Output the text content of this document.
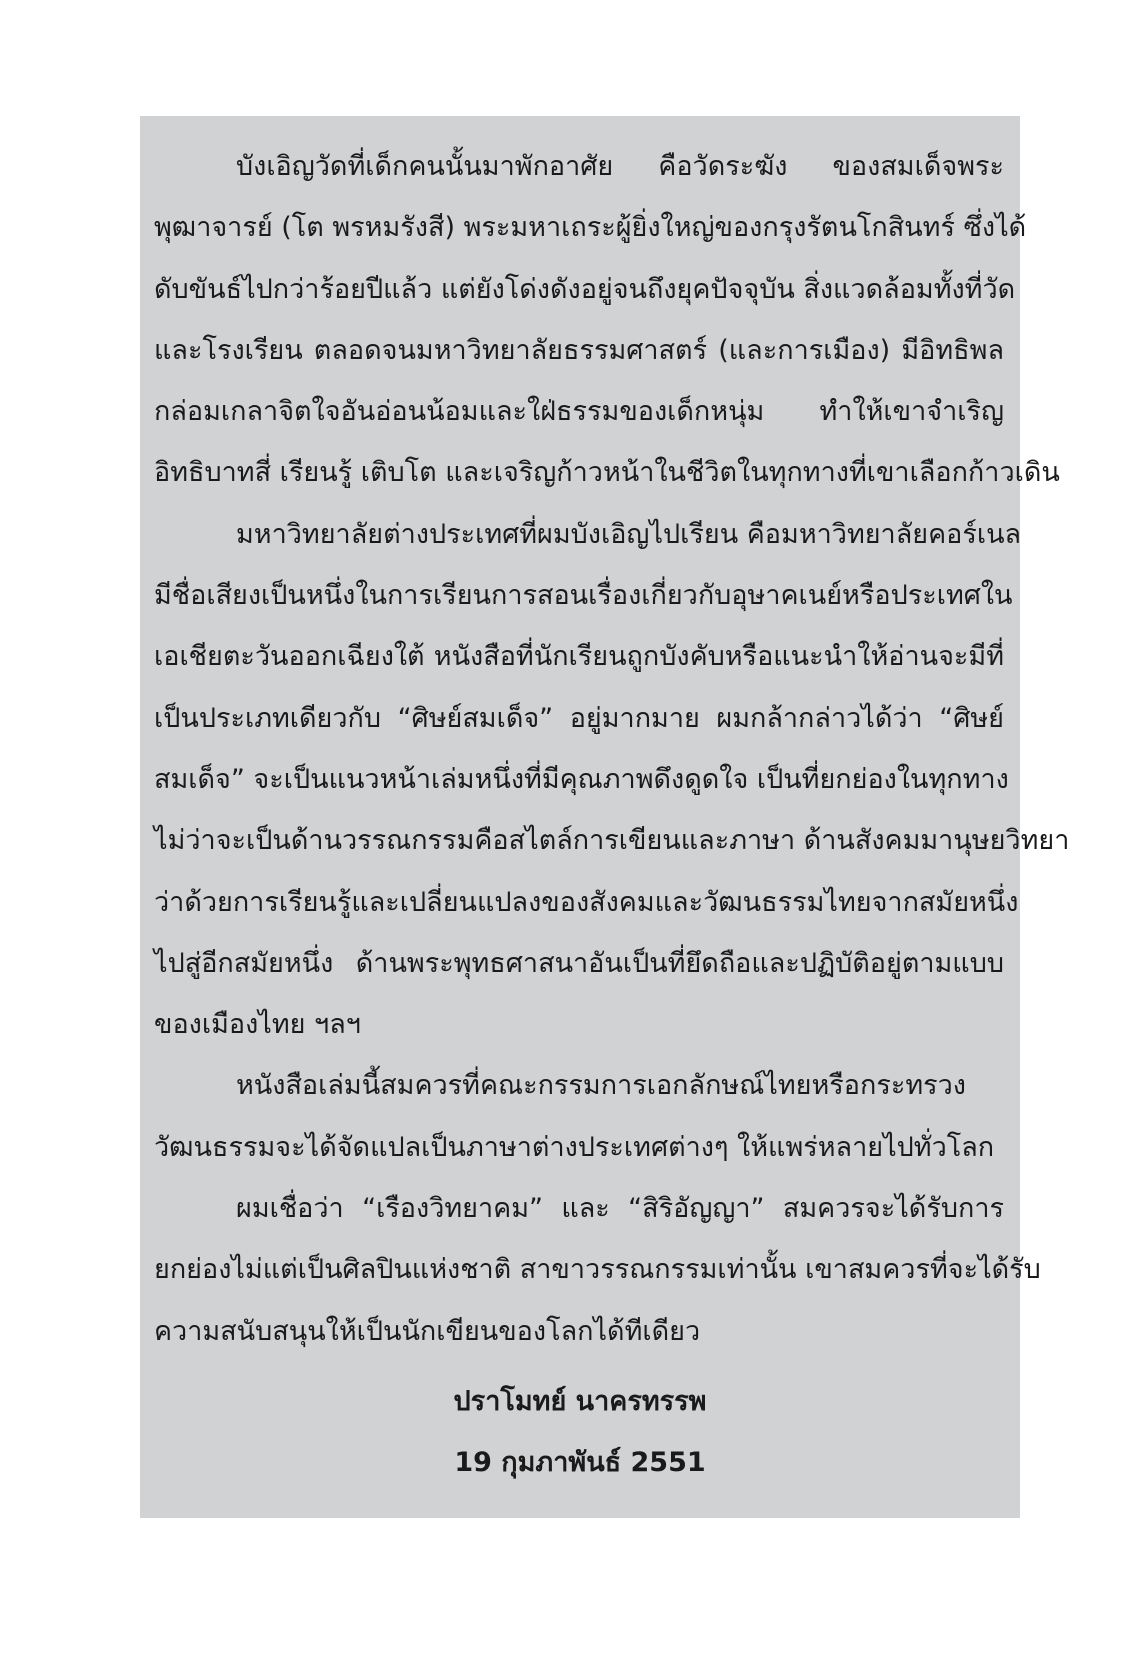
บังเอิญวัดที่เด็กคนนั้นมาพักอาศัย คือวัดระฆัง ของสมเด็จพระ
พุฒาจารย์ (โต พรหมรังสี) พระมหาเถระผู้ยิ่งใหญ่ของกรุงรัตนโกสินทร์ ซึ่งได้
ดับขันธ์ไปกว่าร้อยปีแล้ว แต่ยังโด่งดังอยู่จนถึงยุคปัจจุบัน สิ่งแวดล้อมทั้งที่วัด
และโรงเรียน ตลอดจนมหาวิทยาลัยธรรมศาสตร์ (และการเมือง) มีอิทธิพล
กล่อมเกลาจิตใจอันอ่อนน้อมและใฝ่ธรรมของเด็กหนุ่ม ทำให้เขาจำเริญ
อิทธิบาทสี่ เรียนรู้ เติบโต และเจริญก้าวหน้าในชีวิตในทุกทางที่เขาเลือกก้าวเดิน
มหาวิทยาลัยต่างประเทศที่ผมบังเอิญไปเรียน คือมหาวิทยาลัยคอร์เนล
มีชื่อเสียงเป็นหนึ่งในการเรียนการสอนเรื่องเกี่ยวกับอุษาคเนย์หรือประเทศใน
เอเชียตะวันออกเฉียงใต้ หนังสือที่นักเรียนถูกบังคับหรือแนะนำให้อ่านจะมีที่
เป็นประเภทเดียวกับ “ศิษย์สมเด็จ” อยู่มากมาย ผมกล้ากล่าวได้ว่า “ศิษย์
สมเด็จ” จะเป็นแนวหน้าเล่มหนึ่งที่มีคุณภาพดึงดูดใจ เป็นที่ยกย่องในทุกทาง
ไม่ว่าจะเป็นด้านวรรณกรรมคือสไตล์การเขียนและภาษา ด้านสังคมมานุษยวิทยา
ว่าด้วยการเรียนรู้และเปลี่ยนแปลงของสังคมและวัฒนธรรมไทยจากสมัยหนึ่ง
ไปสู่อีกสมัยหนึ่ง ด้านพระพุทธศาสนาอันเป็นที่ยึดถือและปฏิบัติอยู่ตามแบบ
ของเมืองไทย ฯลฯ
หนังสือเล่มนี้สมควรที่คณะกรรมการเอกลักษณ์ไทยหรือกระทรวง
วัฒนธรรมจะได้จัดแปลเป็นภาษาต่างประเทศต่างๆ ให้แพร่หลายไปทั่วโลก
ผมเชื่อว่า “เรืองวิทยาคม” และ “สิริอัญญา” สมควรจะได้รับการ
ยกย่องไม่แต่เป็นศิลปินแห่งชาติ สาขาวรรณกรรมเท่านั้น เขาสมควรที่จะได้รับ
ความสนับสนุนให้เป็นนักเขียนของโลกได้ทีเดียว
ปราโมทย์ นาครทรรพ
19 กุมภาพันธ์ 2551
